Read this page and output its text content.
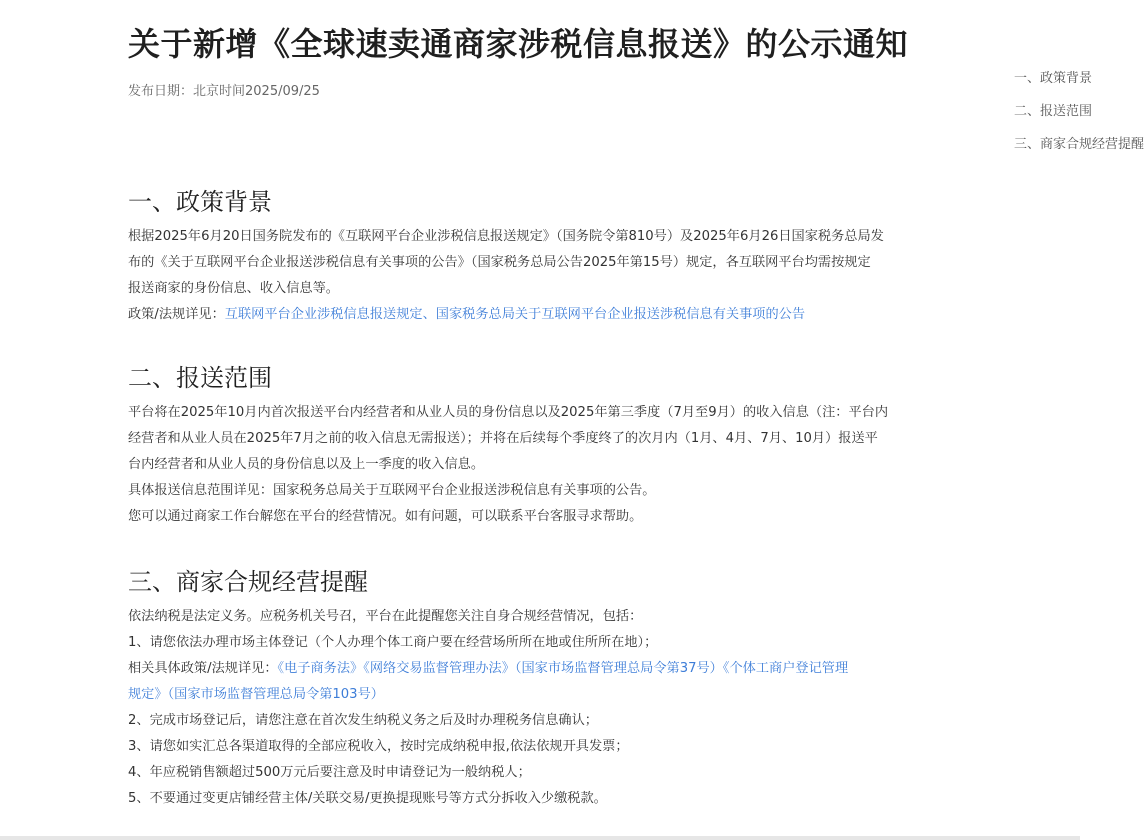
关于新增《全球速卖通商家涉税信息报送》的公示通知
发布日期：北京时间2025/09/25
一、政策背景

根据2025年6月20日国务院发布的《互联网平台企业涉税信息报送规定》（国务院令第810号）及2025年6月26日国家税务总局发
布的《关于互联网平台企业报送涉税信息有关事项的公告》（国家税务总局公告2025年第15号）规定，各互联网平台均需按规定
报送商家的身份信息、收入信息等。

政策/法规详见：互联网平台企业涉税信息报送规定、国家税务总局关于互联网平台企业报送涉税信息有关事项的公告

二、报送范围

平台将在2025年10月内首次报送平台内经营者和从业人员的身份信息以及2025年第三季度（7月至9月）的收入信息（注：平台内
经营者和从业人员在2025年7月之前的收入信息无需报送）；并将在后续每个季度终了的次月内（1月、4月、7月、10月）报送平
台内经营者和从业人员的身份信息以及上一季度的收入信息。

具体报送信息范围详见：国家税务总局关于互联网平台企业报送涉税信息有关事项的公告。

您可以通过商家工作台解您在平台的经营情况。如有问题，可以联系平台客服寻求帮助。

三、商家合规经营提醒

依法纳税是法定义务。应税务机关号召，平台在此提醒您关注自身合规经营情况，包括：

1、请您依法办理市场主体登记（个人办理个体工商户要在经营场所所在地或住所所在地）；

相关具体政策/法规详见：《电子商务法》《网络交易监督管理办法》（国家市场监督管理总局令第37号）《个体工商户登记管理
规定》（国家市场监督管理总局令第103号）

2、完成市场登记后，请您注意在首次发生纳税义务之后及时办理税务信息确认；

3、请您如实汇总各渠道取得的全部应税收入，按时完成纳税申报,依法依规开具发票；

4、年应税销售额超过500万元后要注意及时申请登记为一般纳税人；

5、不要通过变更店铺经营主体/关联交易/更换提现账号等方式分拆收入少缴税款。

一、政策背景
二、报送范围
三、商家合规经营提醒
